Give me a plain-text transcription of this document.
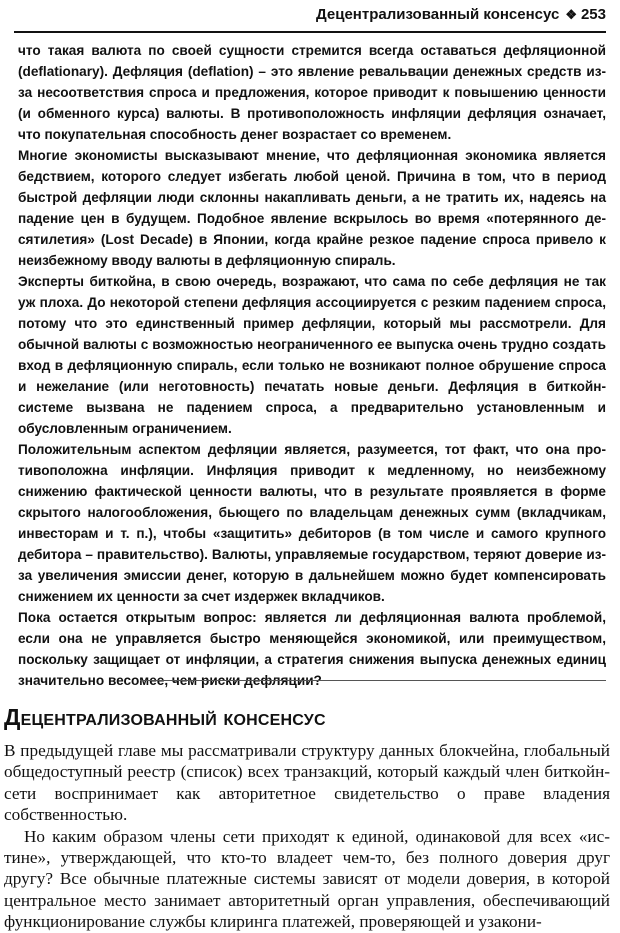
Децентрализованный консенсус ❖ 253

что такая валюта по своей сущности стремится всегда оставаться дефляционной (deflationary). Дефляция (deflation) – это явление ревальвации денежных средств из-за несоответствия спроса и предложения, которое приводит к повышению ценности (и обменного курса) валюты. В противоположность инфляции дефляция означает, что покупательная способность денег возрастает со временем.

Многие экономисты высказывают мнение, что дефляционная экономика является бедствием, которого следует избегать любой ценой. Причина в том, что в период быстрой дефляции люди склонны накапливать деньги, а не тратить их, надеясь на падение цен в будущем. Подобное явление вскрылось во время «потерянного десятилетия» (Lost Decade) в Японии, когда крайне резкое падение спроса привело к неизбежному вводу валюты в дефляционную спираль.

Эксперты биткойна, в свою очередь, возражают, что сама по себе дефляция не так уж плоха. До некоторой степени дефляция ассоциируется с резким падением спроса, потому что это единственный пример дефляции, который мы рассмотрели. Для обычной валюты с возможностью неограниченного ее выпуска очень трудно создать вход в дефляционную спираль, если только не возникают полное обрушение спроса и нежелание (или неготовность) печатать новые деньги. Дефляция в биткойн-системе вызвана не падением спроса, а предварительно установленным и обусловленным ограничением.

Положительным аспектом дефляции является, разумеется, тот факт, что она противоположна инфляции. Инфляция приводит к медленному, но неизбежному снижению фактической ценности валюты, что в результате проявляется в форме скрытого налогообложения, бьющего по владельцам денежных сумм (вкладчикам, инвесторам и т. п.), чтобы «защитить» дебиторов (в том числе и самого крупного дебитора – правительство). Валюты, управляемые государством, теряют доверие из-за увеличения эмиссии денег, которую в дальнейшем можно будет компенсировать снижением их ценности за счет издержек вкладчиков.

Пока остается открытым вопрос: является ли дефляционная валюта проблемой, если она не управляется быстро меняющейся экономикой, или преимуществом, поскольку защищает от инфляции, а стратегия снижения выпуска денежных единиц значительно весомее, чем риски дефляции?

Децентрализованный консенсус

В предыдущей главе мы рассматривали структуру данных блокчейна, глобальный общедоступный реестр (список) всех транзакций, который каждый член биткойн-сети воспринимает как авторитетное свидетельство о праве владения собственностью.

Но каким образом члены сети приходят к единой, одинаковой для всех «истине», утверждающей, что кто-то владеет чем-то, без полного доверия друг другу? Все обычные платежные системы зависят от модели доверия, в которой центральное место занимает авторитетный орган управления, обеспечивающий функционирование службы клиринга платежей, проверяющей и узакони-
